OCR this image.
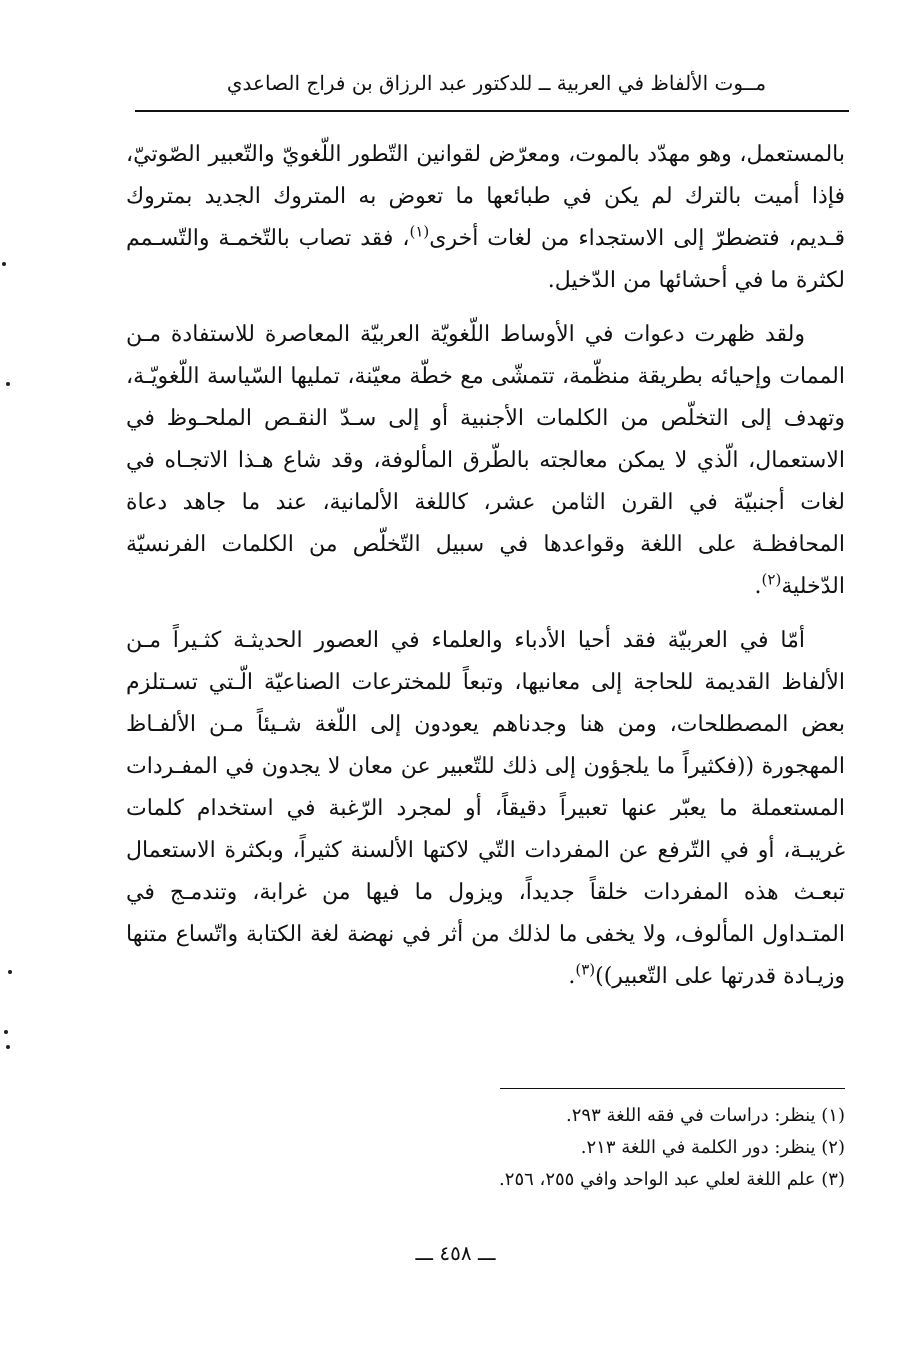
مــوت الألفاظ في العربية ــ للدكتور عبد الرزاق بن فراج الصاعدي

بالمستعمل، وهو مهدّد بالموت، ومعرّض لقوانين التّطور اللّغويّ والتّعبير الصّوتيّ، فإذا أميت بالترك لم يكن في طبائعها ما تعوض به المتروك الجديد بمتروك قـديم، فتضطرّ إلى الاستجداء من لغات أخرى$^{(١)}$، فقد تصاب بالتّخمـة والتّسـمم لكثرة ما في أحشائها من الدّخيل.

ولقد ظهرت دعوات في الأوساط اللّغويّة العربيّة المعاصرة للاستفادة مـن الممات وإحيائه بطريقة منظّمة، تتمشّى مع خطّة معيّنة، تمليها السّياسة اللّغويّـة، وتهدف إلى التخلّص من الكلمات الأجنبية أو إلى سـدّ النقـص الملحـوظ في الاستعمال، الّذي لا يمكن معالجته بالطّرق المألوفة، وقد شاع هـذا الاتجـاه في لغات أجنبيّة في القرن الثامن عشر، كاللغة الألمانية، عند ما جاهد دعاة المحافظـة على اللغة وقواعدها في سبيل التّخلّص من الكلمات الفرنسيّة الدّخلية$^{(٢)}$.

أمّا في العربيّة فقد أحيا الأدباء والعلماء في العصور الحديثـة كثـيراً مـن الألفاظ القديمة للحاجة إلى معانيها، وتبعاً للمخترعات الصناعيّة الّـتي تسـتلزم بعض المصطلحات، ومن هنا وجدناهم يعودون إلى اللّغة شـيئاً مـن الألفـاظ المهجورة ((فكثيراً ما يلجؤون إلى ذلك للتّعبير عن معان لا يجدون في المفـردات المستعملة ما يعبّر عنها تعبيراً دقيقاً، أو لمجرد الرّغبة في استخدام كلمات غريبـة، أو في التّرفع عن المفردات التّي لاكتها الألسنة كثيراً، وبكثرة الاستعمال تبعـث هذه المفردات خلقاً جديداً، ويزول ما فيها من غرابة، وتندمـج في المتـداول المألوف، ولا يخفى ما لذلك من أثر في نهضة لغة الكتابة واتّساع متنها وزيـادة قدرتها على التّعبير))$^{(٣)}$.

(١) ينظر: دراسات في فقه اللغة ٢٩٣.

(٢) ينظر: دور الكلمة في اللغة ٢١٣.

(٣) علم اللغة لعلي عبد الواحد وافي ٢٥٥، ٢٥٦.

ـــ ٤٥٨ ـــ
